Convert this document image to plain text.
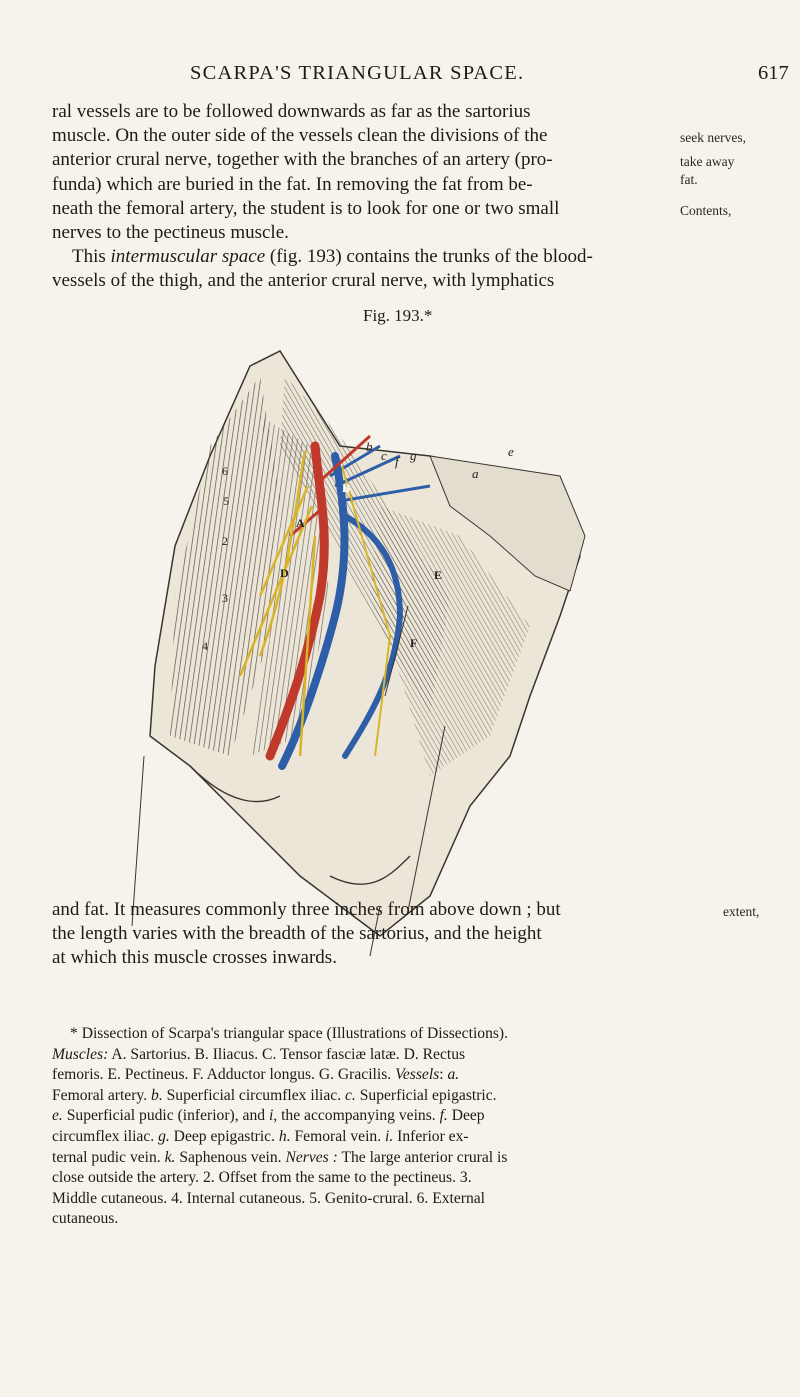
SCARPA'S TRIANGULAR SPACE.	617
ral vessels are to be followed downwards as far as the sartorius
muscle. On the outer side of the vessels clean the divisions of the
anterior crural nerve, together with the branches of an artery (pro-
funda) which are buried in the fat. In removing the fat from be-
neath the femoral artery, the student is to look for one or two small
nerves to the pectineus muscle.
This intermuscular space (fig. 193) contains the trunks of the blood-
vessels of the thigh, and the anterior crural nerve, with lymphatics
seek nerves,
take away
fat.
Contents,
Fig. 193.*
b
c f g
a
e
6
5
2
3
4
B
A
D	E
F
and fat. It measures commonly three inches from above down ; but
the length varies with the breadth of the sartorius, and the height
at which this muscle crosses inwards.
extent,
* Dissection of Scarpa's triangular space (Illustrations of Dissections).
Muscles: A. Sartorius. B. Iliacus. C. Tensor fasciæ latæ. D. Rectus
femoris. E. Pectineus. F. Adductor longus. G. Gracilis. Vessels: a.
Femoral artery. b. Superficial circumflex iliac. c. Superficial epigastric.
e. Superficial pudic (inferior), and i, the accompanying veins. f. Deep
circumflex iliac. g. Deep epigastric. h. Femoral vein. i. Inferior ex-
ternal pudic vein. k. Saphenous vein. Nerves : The large anterior crural is
close outside the artery. 2. Offset from the same to the pectineus. 3.
Middle cutaneous. 4. Internal cutaneous. 5. Genito-crural. 6. External
cutaneous.
